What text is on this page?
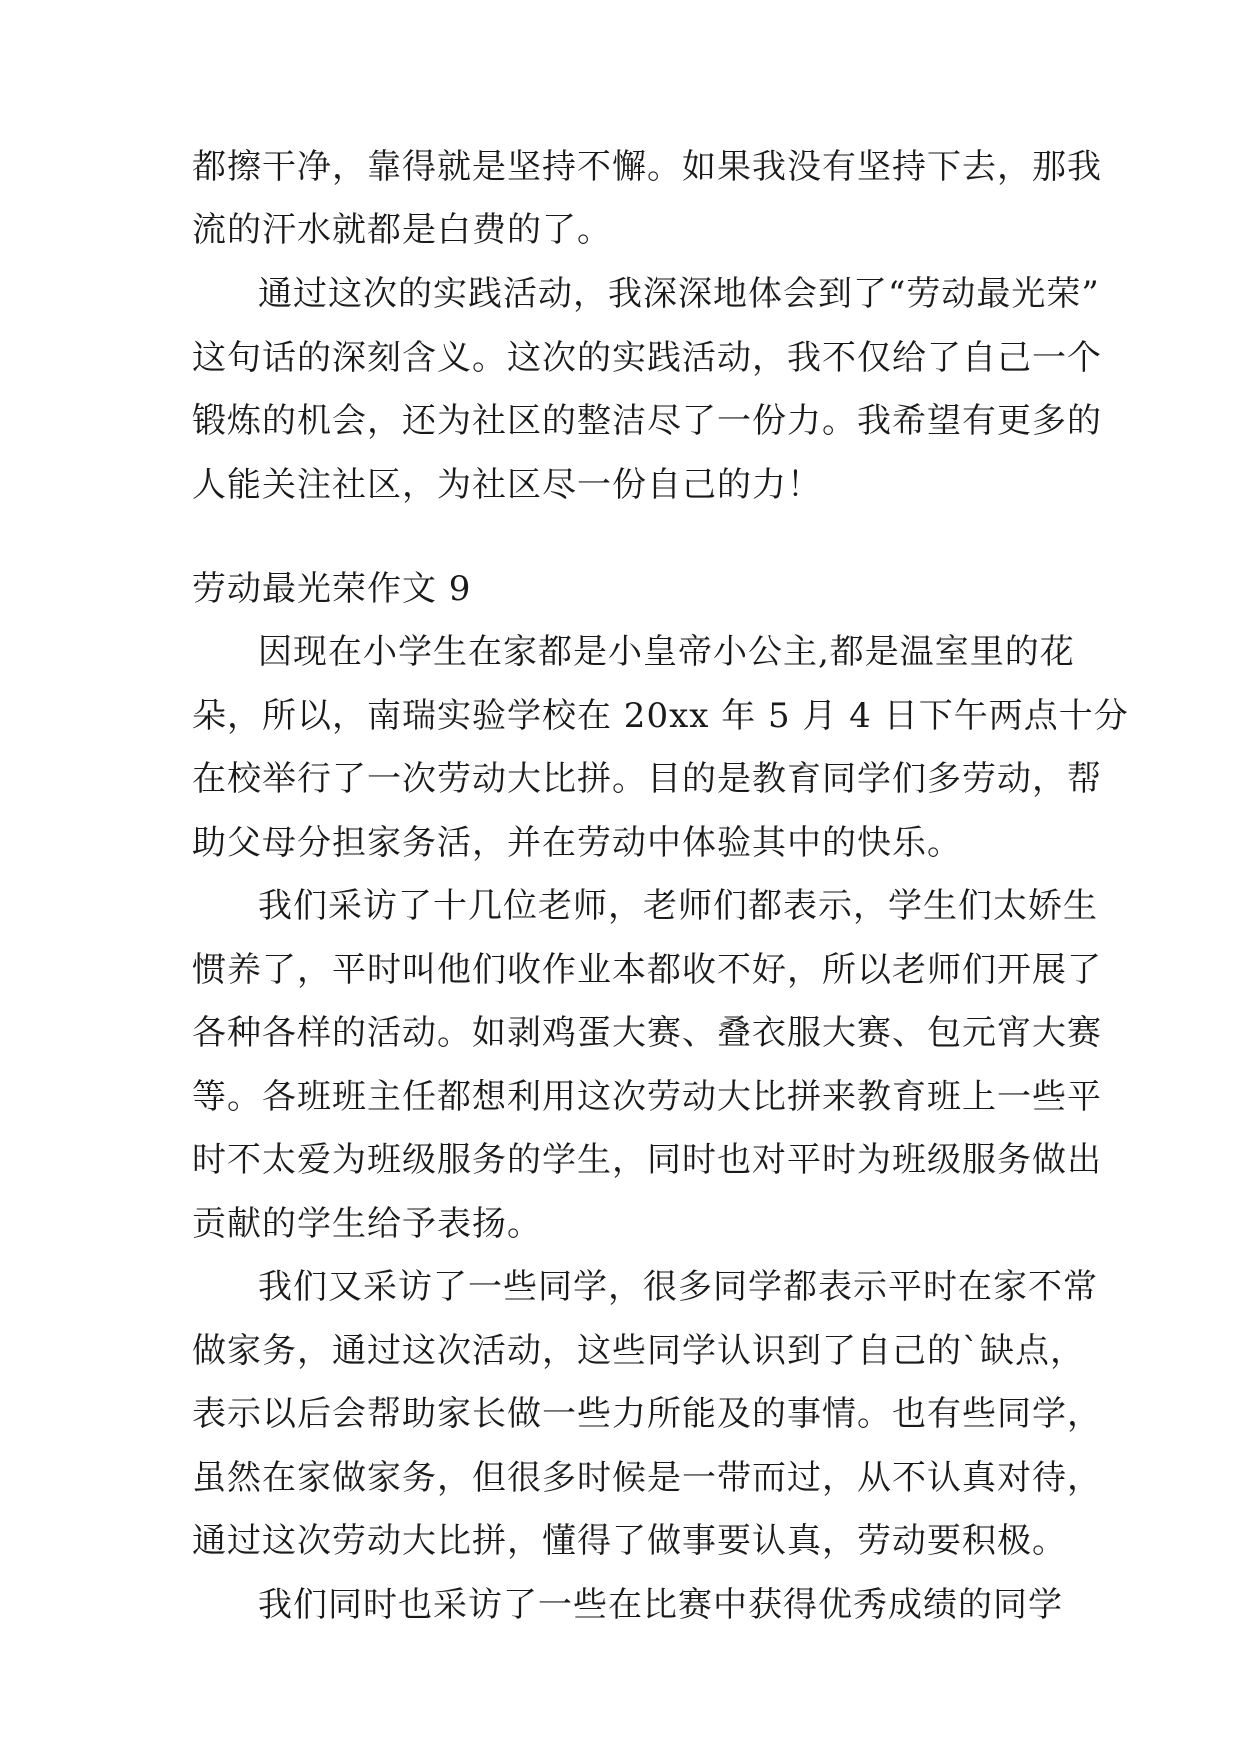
都擦干净，靠得就是坚持不懈。如果我没有坚持下去，那我
流的汗水就都是白费的了。
通过这次的实践活动，我深深地体会到了“劳动最光荣”
这句话的深刻含义。这次的实践活动，我不仅给了自己一个
锻炼的机会，还为社区的整洁尽了一份力。我希望有更多的
人能关注社区，为社区尽一份自己的力！
劳动最光荣作文 9
因现在小学生在家都是小皇帝小公主,都是温室里的花
朵，所以，南瑞实验学校在 20xx 年 5 月 4 日下午两点十分
在校举行了一次劳动大比拼。目的是教育同学们多劳动，帮
助父母分担家务活，并在劳动中体验其中的快乐。
我们采访了十几位老师，老师们都表示，学生们太娇生
惯养了，平时叫他们收作业本都收不好，所以老师们开展了
各种各样的活动。如剥鸡蛋大赛、叠衣服大赛、包元宵大赛
等。各班班主任都想利用这次劳动大比拼来教育班上一些平
时不太爱为班级服务的学生，同时也对平时为班级服务做出
贡献的学生给予表扬。
我们又采访了一些同学，很多同学都表示平时在家不常
做家务，通过这次活动，这些同学认识到了自己的`缺点，
表示以后会帮助家长做一些力所能及的事情。也有些同学，
虽然在家做家务，但很多时候是一带而过，从不认真对待，
通过这次劳动大比拼，懂得了做事要认真，劳动要积极。
我们同时也采访了一些在比赛中获得优秀成绩的同学
